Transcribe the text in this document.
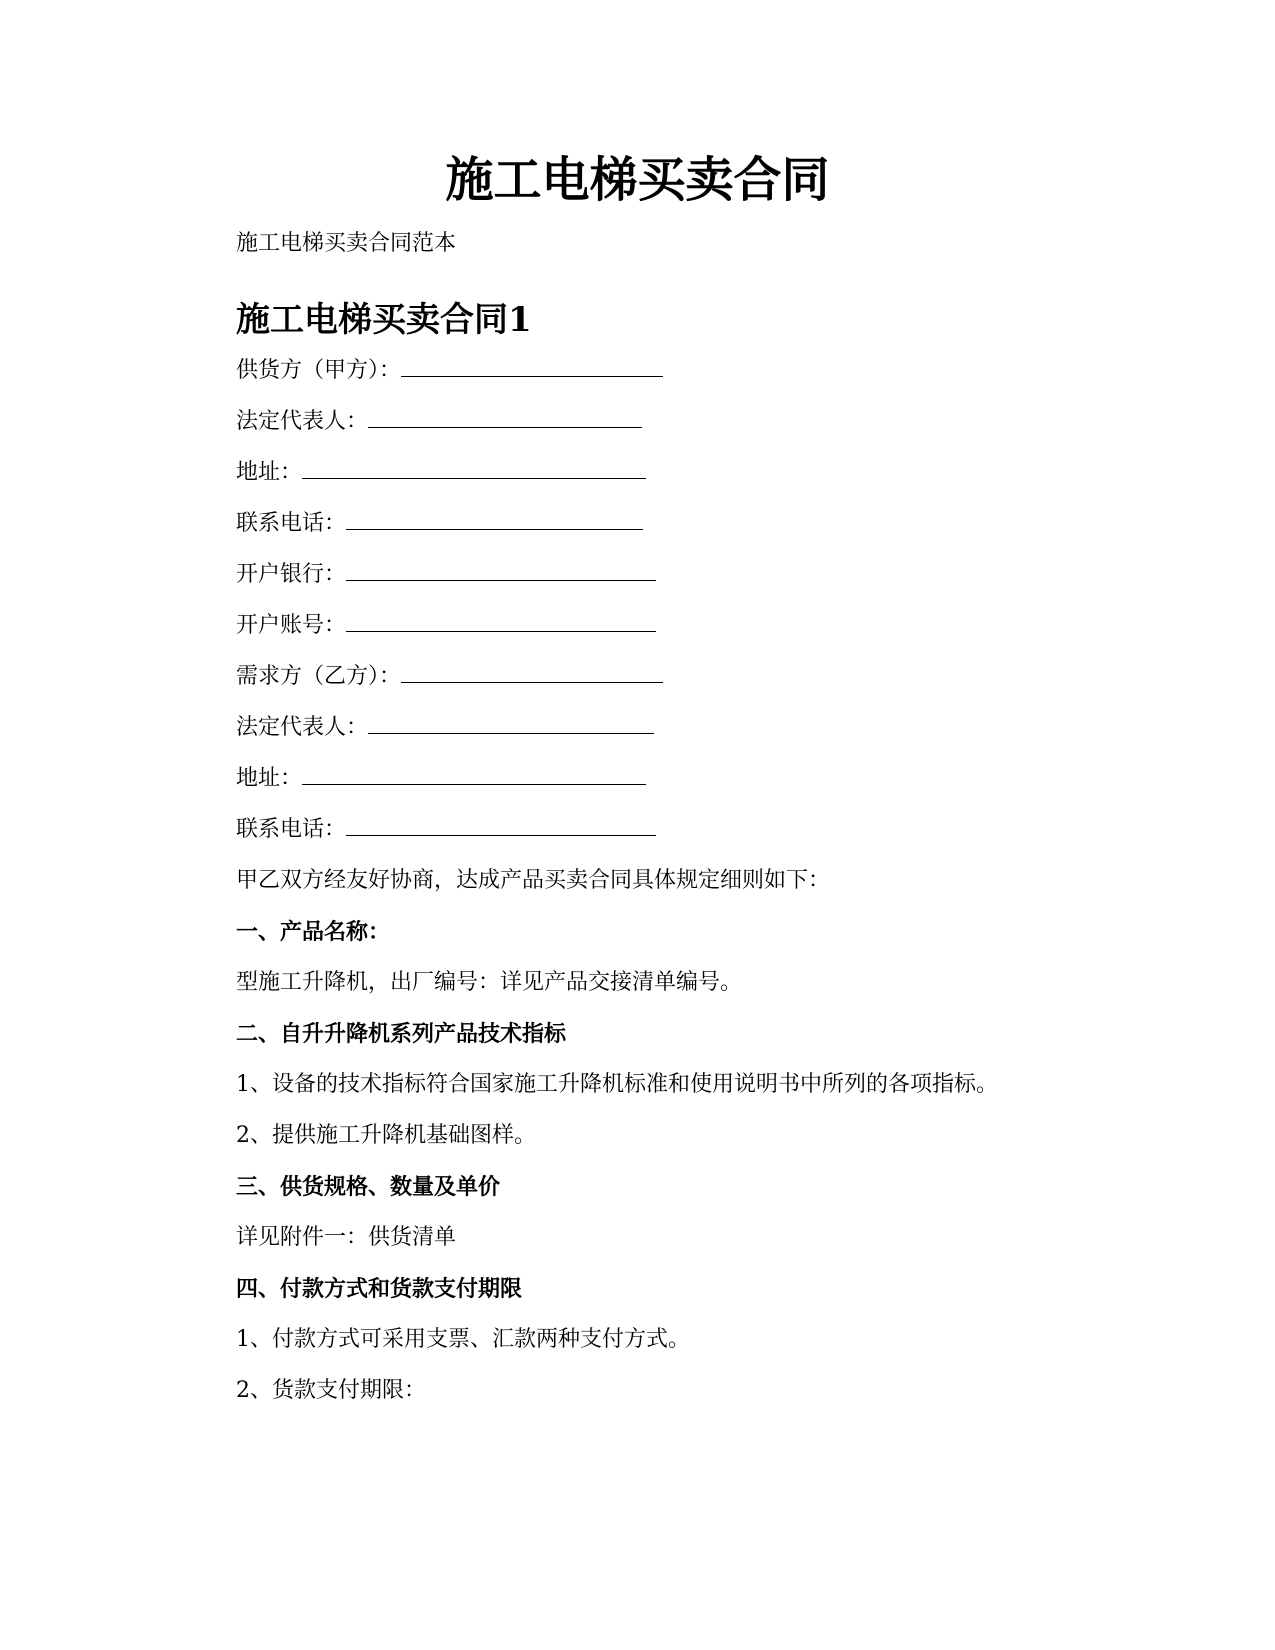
施工电梯买卖合同
施工电梯买卖合同范本
施工电梯买卖合同1
供货方（甲方）：
法定代表人：
地址：
联系电话：
开户银行：
开户账号：
需求方（乙方）：
法定代表人：
地址：
联系电话：
甲乙双方经友好协商，达成产品买卖合同具体规定细则如下：
一、产品名称：
型施工升降机，出厂编号：详见产品交接清单编号。
二、自升升降机系列产品技术指标
1、设备的技术指标符合国家施工升降机标准和使用说明书中所列的各项指标。
2、提供施工升降机基础图样。
三、供货规格、数量及单价
详见附件一：供货清单
四、付款方式和货款支付期限
1、付款方式可采用支票、汇款两种支付方式。
2、货款支付期限：
